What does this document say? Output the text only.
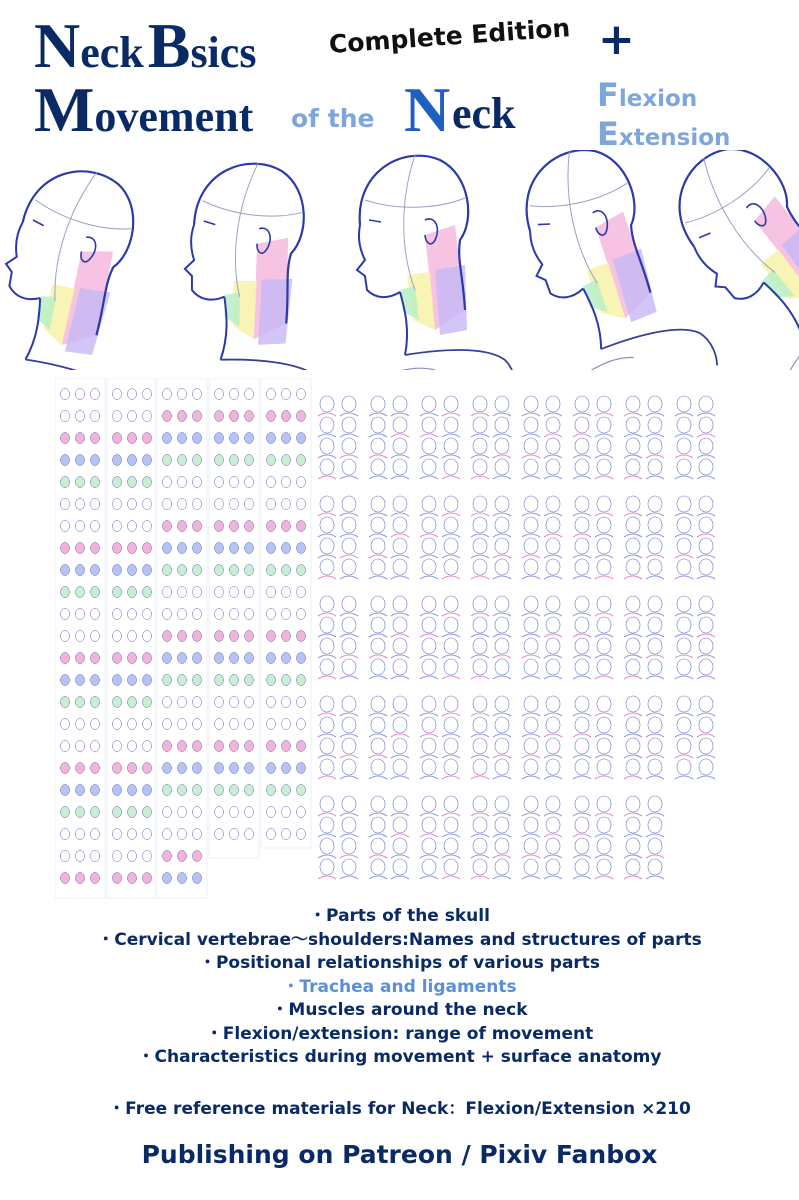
Neck Bsics	Complete Edition +
Movement of the N eck	Flexion
Extension
・Parts of the skull
・Cervical vertebrae～shoulders:Names and structures of parts
・Positional relationships of various parts
・Trachea and ligaments
・Muscles around the neck
・Flexion/extension: range of movement
・Characteristics during movement + surface anatomy
・Free reference materials for Neck：Flexion/Extension ×210
Publishing on Patreon / Pixiv Fanbox
